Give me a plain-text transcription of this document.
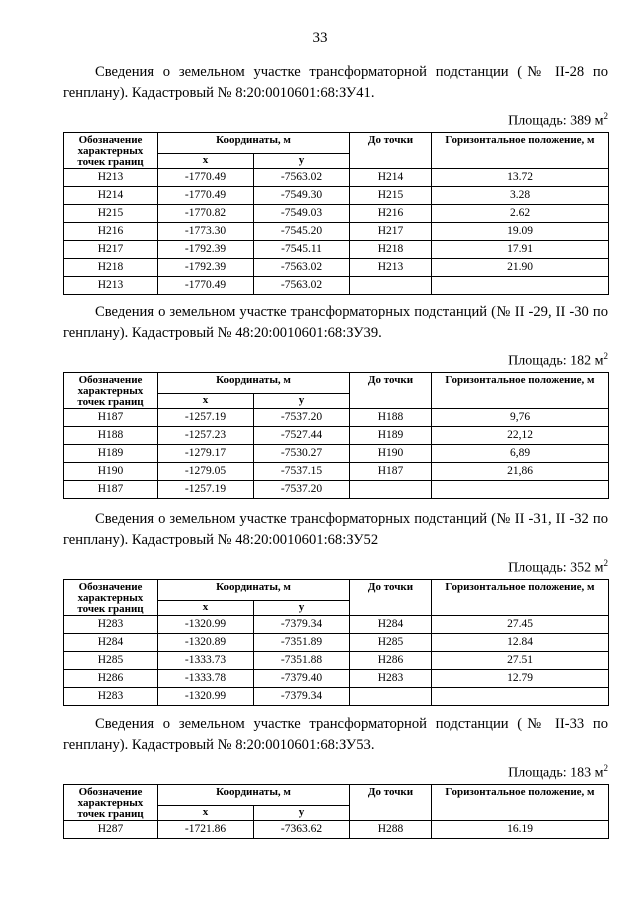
33

Сведения о земельном участке трансформаторной подстанции (№ II-28 по генплану). Кадастровый № 8:20:0010601:68:ЗУ41.

Площадь: 389 $м^2$
Обозначение характерных точек границ	Координаты, м		До точки	Горизонтальное положение, м
	x	y		
Н213	-1770.49	-7563.02	Н214	13.72
Н214	-1770.49	-7549.30	Н215	3.28
Н215	-1770.82	-7549.03	Н216	2.62
Н216	-1773.30	-7545.20	Н217	19.09
Н217	-1792.39	-7545.11	Н218	17.91
Н218	-1792.39	-7563.02	Н213	21.90
Н213	-1770.49	-7563.02		

Сведения о земельном участке трансформаторных подстанций (№ II -29, II -30 по генплану). Кадастровый № 48:20:0010601:68:ЗУ39.

Площадь: 182 $м^2$
Обозначение характерных точек границ	Координаты, м		До точки	Горизонтальное положение, м
	x	y		
Н187	-1257.19	-7537.20	Н188	9,76
Н188	-1257.23	-7527.44	Н189	22,12
Н189	-1279.17	-7530.27	Н190	6,89
Н190	-1279.05	-7537.15	Н187	21,86
Н187	-1257.19	-7537.20		

Сведения о земельном участке трансформаторных подстанций (№ II -31, II -32 по генплану). Кадастровый № 48:20:0010601:68:ЗУ52

Площадь: 352 $м^2$
Обозначение характерных точек границ	Координаты, м		До точки	Горизонтальное положение, м
	x	y		
Н283	-1320.99	-7379.34	Н284	27.45
Н284	-1320.89	-7351.89	Н285	12.84
Н285	-1333.73	-7351.88	Н286	27.51
Н286	-1333.78	-7379.40	Н283	12.79
Н283	-1320.99	-7379.34		

Сведения о земельном участке трансформаторной подстанции (№ II-33 по генплану). Кадастровый № 8:20:0010601:68:ЗУ53.

Площадь: 183 $м^2$
Обозначение характерных точек границ	Координаты, м		До точки	Горизонтальное положение, м
	x	y		
Н287	-1721.86	-7363.62	Н288	16.19
